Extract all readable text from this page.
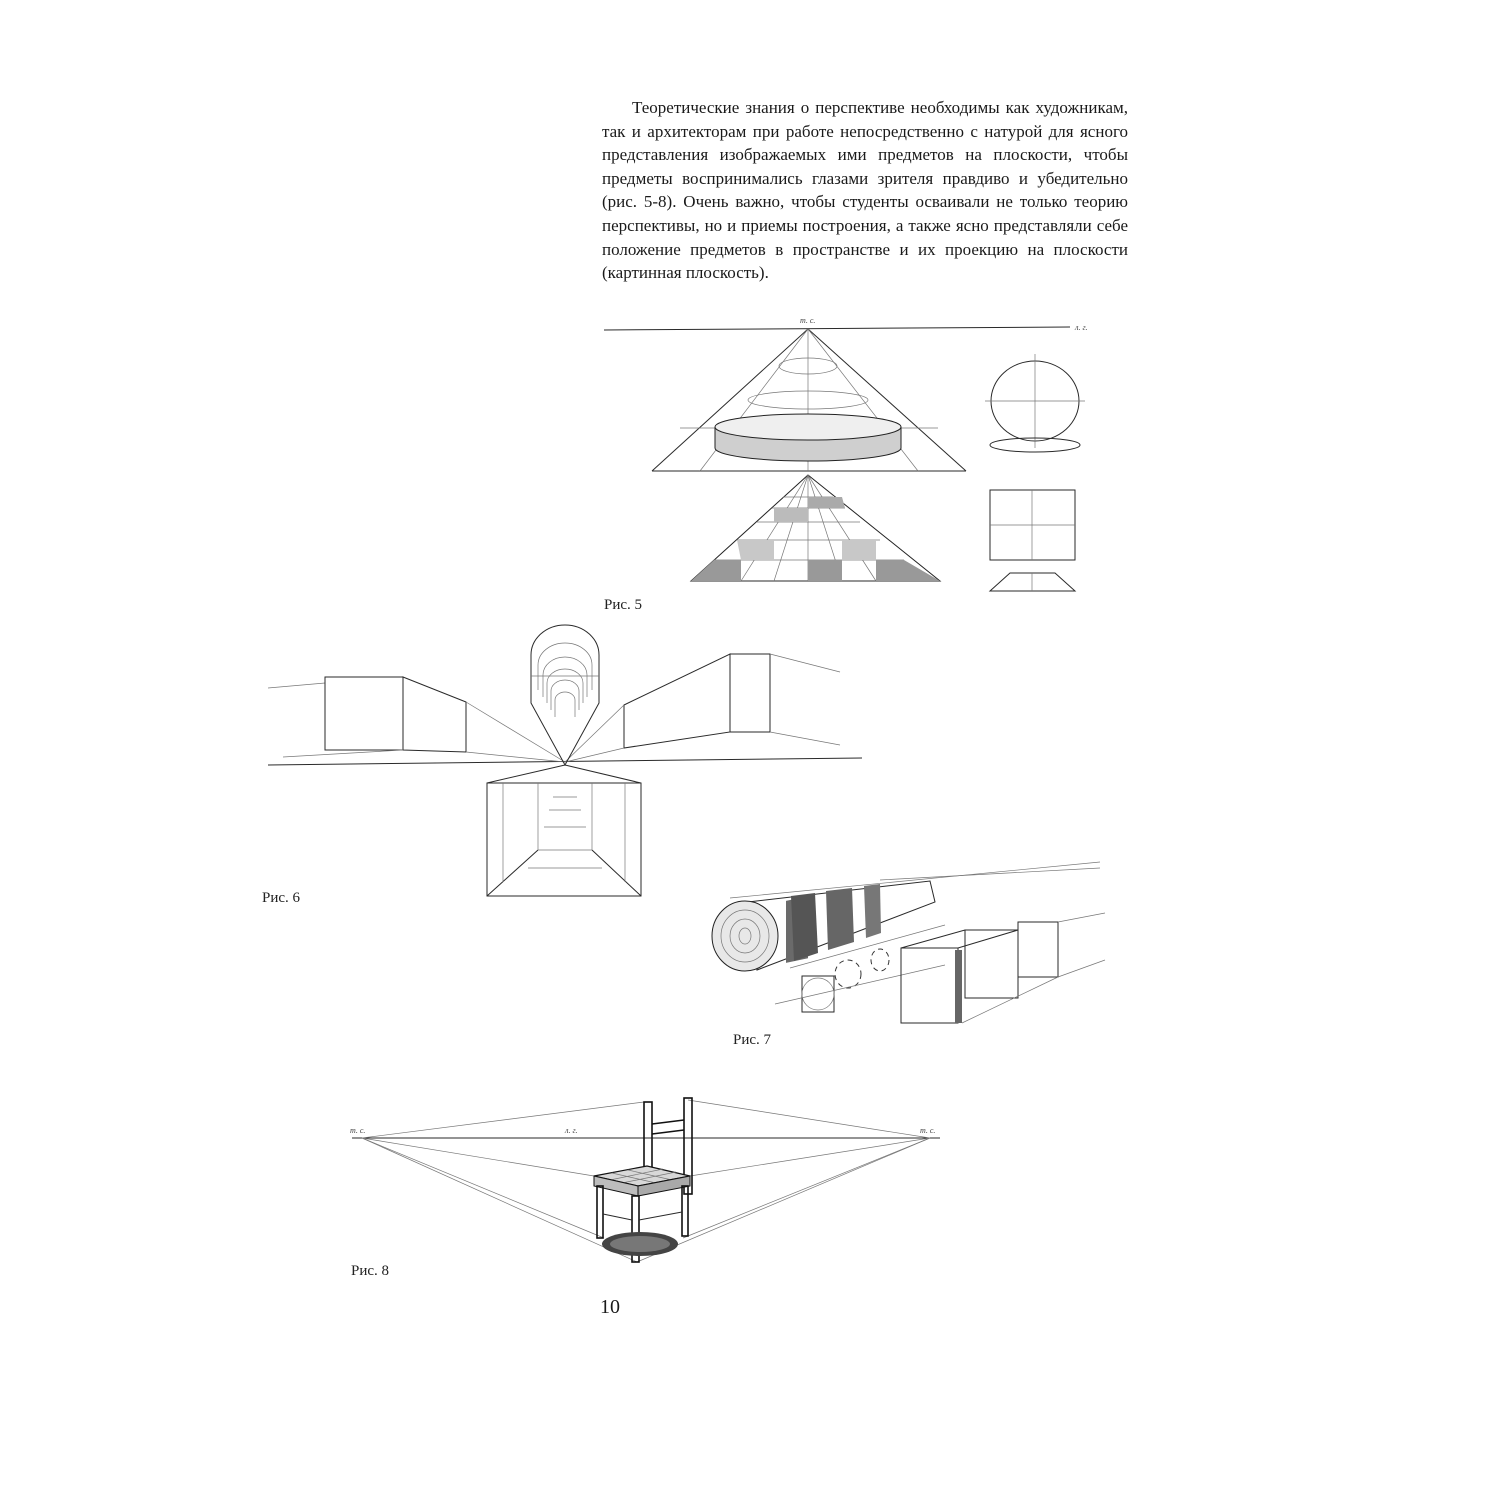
Теоретические знания о перспективе необходимы как художникам, так и архитекторам при работе непосредственно с натурой для ясного представления изображаемых ими предметов на плоскости, чтобы предметы воспринимались глазами зрителя правдиво и убедительно (рис. 5-8). Очень важно, чтобы студенты осваивали не только теорию перспективы, но и приемы построения, а также ясно представляли себе положение предметов в пространстве и их проекцию на плоскости (картинная плоскость).

т. с.
л. г.
Рис. 5
Рис. 6
Рис. 7
т. с.	т. с.
л. г.
Рис. 8
10
